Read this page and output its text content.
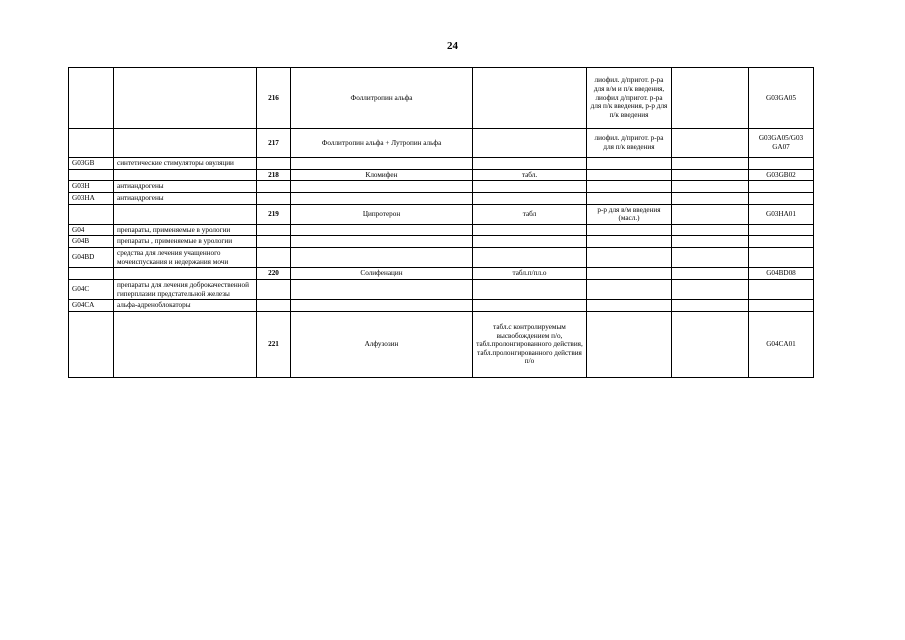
24
		216	Фоллитропин альфа		лиофил. д/пригот. р-ра для в/м и п/к введения, лиофил д/пригот. р-ра для п/к введения, р-р для п/к введения		G03GA05
		217	Фоллитропин альфа + Лутропин альфа		лиофил. д/пригот. р-ра для п/к введения		G03GA05/G03 GA07
G03GB	синтетические стимуляторы овуляции						
		218	Кломифен	табл.			G03GB02
G03H	антиандрогены						
G03HA	антиандрогены						
		219	Ципротерон	табл	р-р для в/м введения (масл.)		G03HA01
G04	препараты, применяемые в урологии						
G04B	препараты , применяемые в урологии						
G04BD	средства для лечения учащенного мочеиспускания и недержания мочи						
		220	Солифенацин	табл.п/пл.о			G04BD08
G04C	препараты для лечения доброкачественной гиперплазии предстательной железы						
G04CA	альфа-адреноблокаторы						
		221	Алфузозин	табл.с контролируемым высвобождением п/о, табл.пролонгированного действия, табл.пролонгированного действия п/о			G04CA01
